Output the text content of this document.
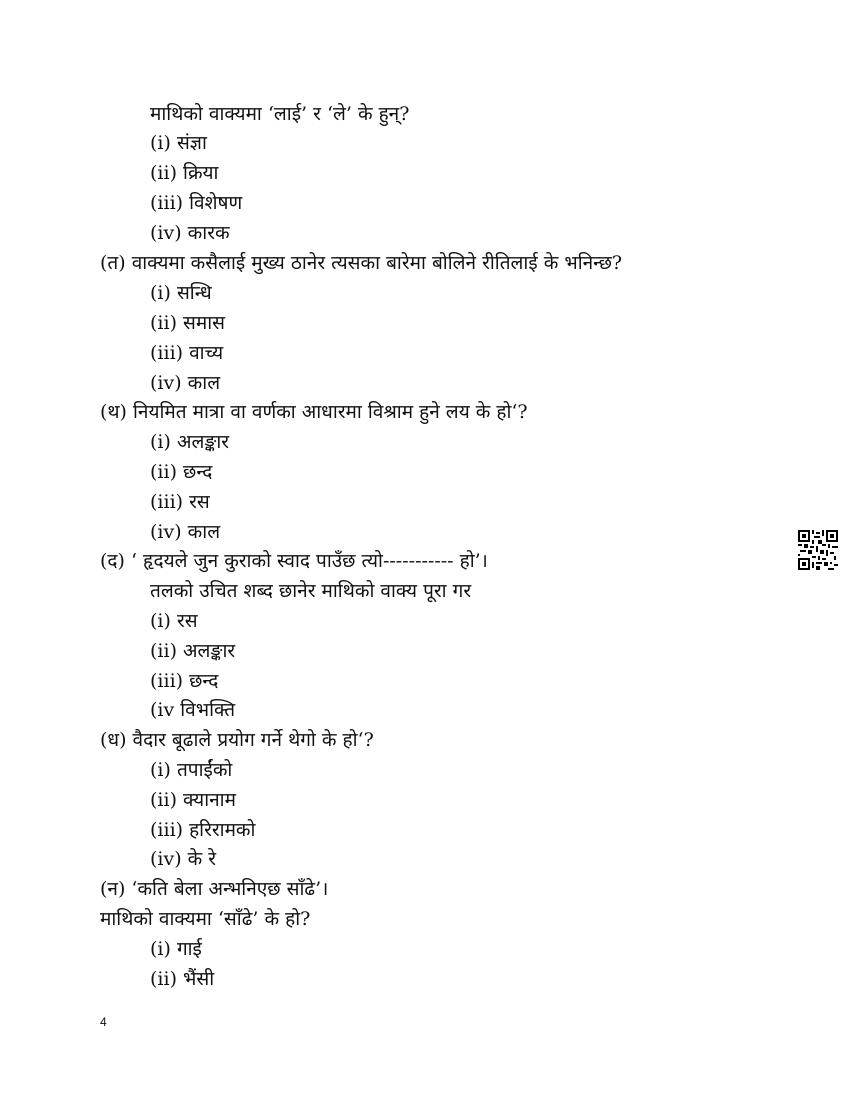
माथिको वाक्यमा ‘लाई’ र ‘ले’ के हुन्?
(i) संज्ञा
(ii) क्रिया
(iii) विशेषण
(iv) कारक
(त) वाक्यमा कसैलाई मुख्य ठानेर त्यसका बारेमा बोलिने रीतिलाई के भनिन्छ?
(i) सन्धि
(ii) समास
(iii) वाच्य
(iv) काल
(थ) नियमित मात्रा वा वर्णका आधारमा विश्राम हुने लय के हो‘?
(i) अलङ्कार
(ii) छन्द
(iii) रस
(iv) काल
(द) ‘ हृदयले जुन कुराको स्वाद पाउँछ त्यो----------- हो’।
तलको उचित शब्द छानेर माथिको वाक्य पूरा गर
(i) रस
(ii) अलङ्कार
(iii) छन्द
(iv विभक्ति
(ध) वैदार बूढाले प्रयोग गर्ने थेगो के हो‘?
(i) तपाईंको
(ii) क्यानाम
(iii) हरिरामको
(iv) के रे
(न) ‘कति बेला अन्भनिएछ साँढे’।
माथिको वाक्यमा ‘साँढे’ के हो?
(i) गाई
(ii) भैंसी
4
